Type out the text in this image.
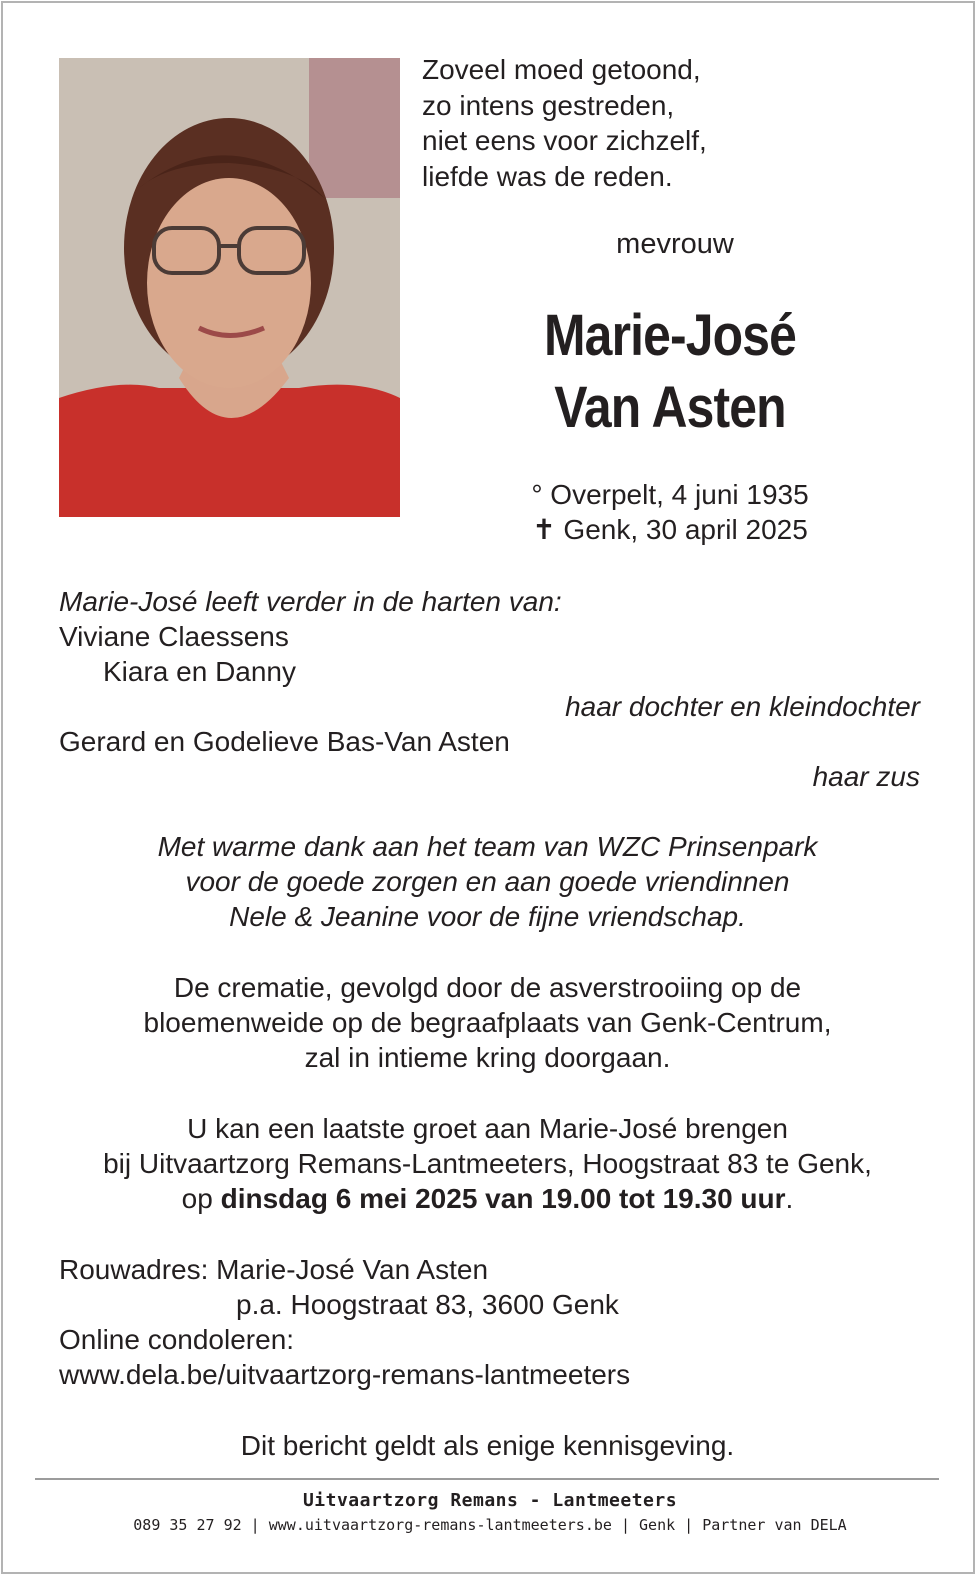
Zoveel moed getoond,
zo intens gestreden,
niet eens voor zichzelf,
liefde was de reden.
mevrouw
Marie-José
Van Asten
° Overpelt, 4 juni 1935
✝ Genk, 30 april 2025
Marie-José leeft verder in de harten van:
Viviane Claessens
Kiara en Danny
haar dochter en kleindochter
Gerard en Godelieve Bas-Van Asten
haar zus
Met warme dank aan het team van WZC Prinsenpark
voor de goede zorgen en aan goede vriendinnen
Nele & Jeanine voor de fijne vriendschap.
De crematie, gevolgd door de asverstrooiing op de
bloemenweide op de begraafplaats van Genk-Centrum,
zal in intieme kring doorgaan.
U kan een laatste groet aan Marie-José brengen
bij Uitvaartzorg Remans-Lantmeeters, Hoogstraat 83 te Genk,
op dinsdag 6 mei 2025 van 19.00 tot 19.30 uur.
Rouwadres: Marie-José Van Asten
p.a. Hoogstraat 83, 3600 Genk
Online condoleren:
www.dela.be/uitvaartzorg-remans-lantmeeters
Dit bericht geldt als enige kennisgeving.
Uitvaartzorg Remans - Lantmeeters
089 35 27 92 | www.uitvaartzorg-remans-lantmeeters.be | Genk | Partner van DELA
